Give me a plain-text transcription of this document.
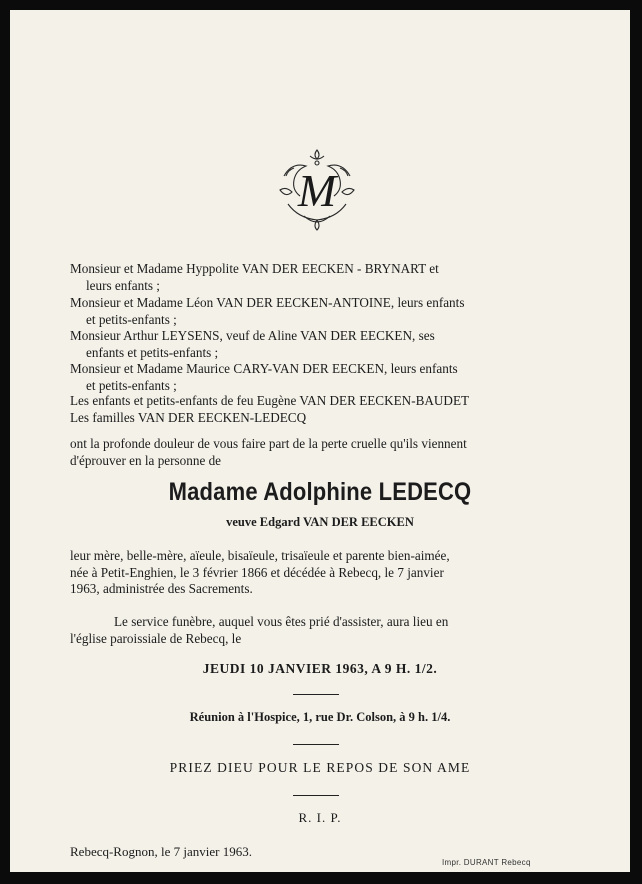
M
Monsieur et Madame Hyppolite VAN DER EECKEN - BRYNART et
leurs enfants ;
Monsieur et Madame Léon VAN DER EECKEN-ANTOINE, leurs enfants
et petits-enfants ;
Monsieur Arthur LEYSENS, veuf de Aline VAN DER EECKEN, ses
enfants et petits-enfants ;
Monsieur et Madame Maurice CARY-VAN DER EECKEN, leurs enfants
et petits-enfants ;
Les enfants et petits-enfants de feu Eugène VAN DER EECKEN-BAUDET
Les familles VAN DER EECKEN-LEDECQ
ont la profonde douleur de vous faire part de la perte cruelle qu'ils viennent
d'éprouver en la personne de
Madame Adolphine LEDECQ
veuve Edgard VAN DER EECKEN
leur mère, belle-mère, aïeule, bisaïeule, trisaïeule et parente bien-aimée,
née à Petit-Enghien, le 3 février 1866 et décédée à Rebecq, le 7 janvier
1963, administrée des Sacrements.
Le service funèbre, auquel vous êtes prié d'assister, aura lieu en
l'église paroissiale de Rebecq, le
JEUDI 10 JANVIER 1963, A 9 H. 1/2.
Réunion à l'Hospice, 1, rue Dr. Colson, à 9 h. 1/4.
PRIEZ DIEU POUR LE REPOS DE SON AME
R. I. P.
Rebecq-Rognon, le 7 janvier 1963.
Impr. DURANT Rebecq
